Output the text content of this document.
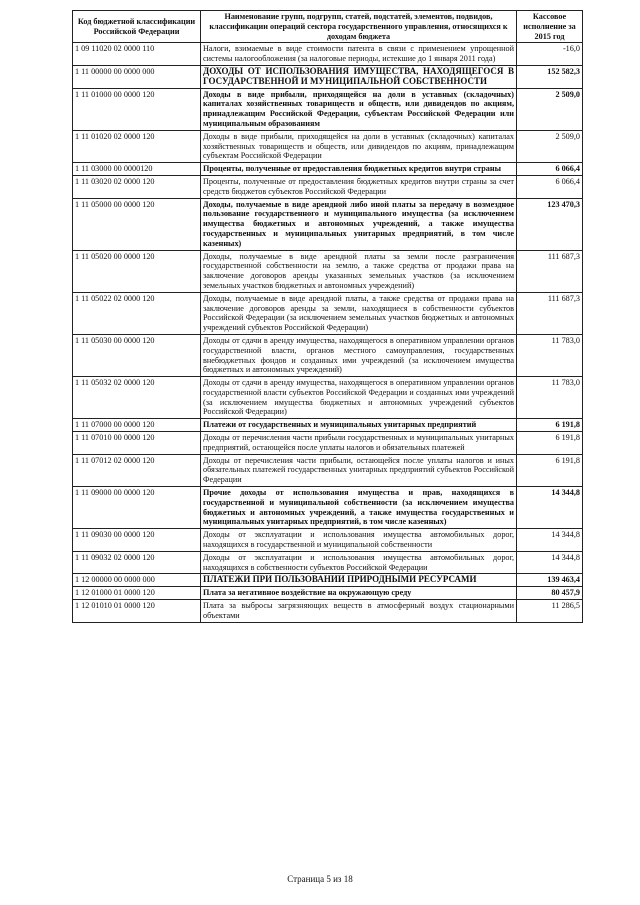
Код бюджетной классификации Российской Федерации	Наименование групп, подгрупп, статей, подстатей, элементов, подвидов, классификации операций сектора государственного управления, относящихся к доходам бюджета	Кассовое исполнение за 2015 год
1 09 11020 02 0000 110	Налоги, взимаемые в виде стоимости патента в связи с применением упрощенной системы налогообложения (за налоговые периоды, истекшие до 1 января 2011 года)	-16,0
1 11 00000 00 0000 000	ДОХОДЫ ОТ ИСПОЛЬЗОВАНИЯ ИМУЩЕСТВА, НАХОДЯЩЕГОСЯ В ГОСУДАРСТВЕННОЙ И МУНИЦИПАЛЬНОЙ СОБСТВЕННОСТИ	152 582,3
1 11 01000 00 0000 120	Доходы в виде прибыли, приходящейся на доли в уставных (складочных) капиталах хозяйственных товариществ и обществ, или дивидендов по акциям, принадлежащим Российской Федерации, субъектам Российской Федерации или муниципальным образованиям	2 509,0
1 11 01020 02 0000 120	Доходы в виде прибыли, приходящейся на доли в уставных (складочных) капиталах хозяйственных товариществ и обществ, или дивидендов по акциям, принадлежащим субъектам Российской Федерации	2 509,0
1 11 03000 00 0000120	Проценты, полученные от предоставления бюджетных кредитов внутри страны	6 066,4
1 11 03020 02 0000 120	Проценты, полученные от предоставления бюджетных кредитов внутри страны за счет средств бюджетов субъектов Российской Федерации	6 066,4
1 11 05000 00 0000 120	Доходы, получаемые в виде арендной либо иной платы за передачу в возмездное пользование государственного и муниципального имущества (за исключением имущества бюджетных и автономных учреждений, а также имущества государственных и муниципальных унитарных предприятий, в том числе казенных)	123 470,3
1 11 05020 00 0000 120	Доходы, получаемые в виде арендной платы за земли после разграничения государственной собственности на землю, а также средства от продажи права на заключение договоров аренды указанных земельных участков (за исключением земельных участков бюджетных и автономных учреждений)	111 687,3
1 11 05022 02 0000 120	Доходы, получаемые в виде арендной платы, а также средства от продажи права на заключение договоров аренды за земли, находящиеся в собственности субъектов Российской Федерации (за исключением земельных участков бюджетных и автономных учреждений субъектов Российской Федерации)	111 687,3
1 11 05030 00 0000 120	Доходы от сдачи в аренду имущества, находящегося в оперативном управлении органов государственной власти, органов местного самоуправления, государственных внебюджетных фондов и созданных ими учреждений (за исключением имущества бюджетных и автономных учреждений)	11 783,0
1 11 05032 02 0000 120	Доходы от сдачи в аренду имущества, находящегося в оперативном управлении органов государственной власти субъектов Российской Федерации и созданных ими учреждений (за исключением имущества бюджетных и автономных учреждений субъектов Российской Федерации)	11 783,0
1 11 07000 00 0000 120	Платежи от государственных и муниципальных унитарных предприятий	6 191,8
1 11 07010 00 0000 120	Доходы от перечисления части прибыли государственных и муниципальных унитарных предприятий, остающейся после уплаты налогов и обязательных платежей	6 191,8
1 11 07012 02 0000 120	Доходы от перечисления части прибыли, остающейся после уплаты налогов и иных обязательных платежей государственных унитарных предприятий субъектов Российской Федерации	6 191,8
1 11 09000 00 0000 120	Прочие доходы от использования имущества и прав, находящихся в государственной и муниципальной собственности (за исключением имущества бюджетных и автономных учреждений, а также имущества государственных и муниципальных унитарных предприятий, в том числе казенных)	14 344,8
1 11 09030 00 0000 120	Доходы от эксплуатации и использования имущества автомобильных дорог, находящихся в государственной и муниципальной собственности	14 344,8
1 11 09032 02 0000 120	Доходы от эксплуатации и использования имущества автомобильных дорог, находящихся в собственности субъектов Российской Федерации	14 344,8
1 12 00000 00 0000 000	ПЛАТЕЖИ ПРИ ПОЛЬЗОВАНИИ ПРИРОДНЫМИ РЕСУРСАМИ	139 463,4
1 12 01000 01 0000 120	Плата за негативное воздействие на окружающую среду	80 457,9
1 12 01010 01 0000 120	Плата за выбросы загрязняющих веществ в атмосферный воздух стационарными объектами	11 286,5
Страница 5 из 18
